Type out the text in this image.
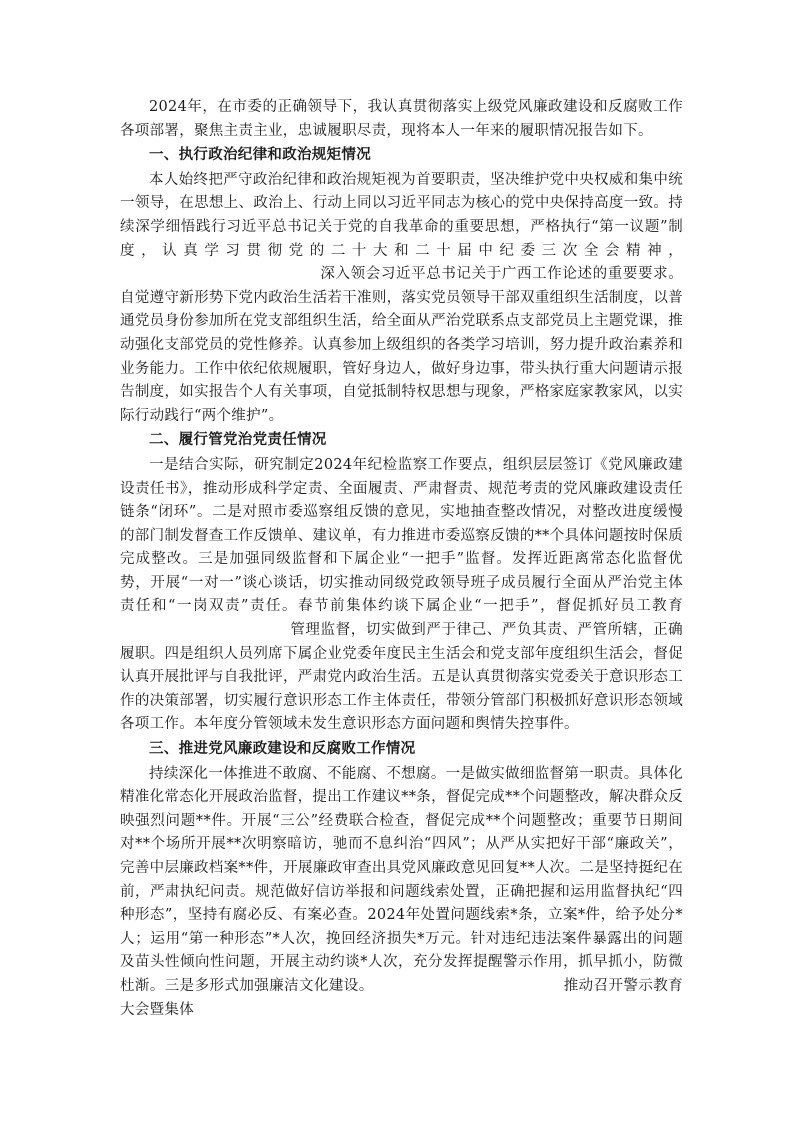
2024年，在市委的正确领导下，我认真贯彻落实上级党风廉政建设和反腐败工作各项部署，聚焦主责主业，忠诚履职尽责，现将本人一年来的履职情况报告如下。

一、执行政治纪律和政治规矩情况

本人始终把严守政治纪律和政治规矩视为首要职责，坚决维护党中央权威和集中统一领导，在思想上、政治上、行动上同以习近平同志为核心的党中央保持高度一致。持续深学细悟践行习近平总书记关于党的自我革命的重要思想，严格执行“第一议题”制度，认真学习贯彻党的二十大和二十届中纪委三次全会精神，深入领会习近平总书记关于广西工作论述的重要要求。自觉遵守新形势下党内政治生活若干准则，落实党员领导干部双重组织生活制度，以普通党员身份参加所在党支部组织生活，给全面从严治党联系点支部党员上主题党课，推动强化支部党员的党性修养。认真参加上级组织的各类学习培训，努力提升政治素养和业务能力。工作中依纪依规履职，管好身边人，做好身边事，带头执行重大问题请示报告制度，如实报告个人有关事项，自觉抵制特权思想与现象，严格家庭家教家风，以实际行动践行“两个维护”。

二、履行管党治党责任情况

一是结合实际，研究制定2024年纪检监察工作要点，组织层层签订《党风廉政建设责任书》，推动形成科学定责、全面履责、严肃督责、规范考责的党风廉政建设责任链条“闭环”。二是对照市委巡察组反馈的意见，实地抽查整改情况，对整改进度缓慢的部门制发督查工作反馈单、建议单，有力推进市委巡察反馈的**个具体问题按时保质完成整改。三是加强同级监督和下属企业“一把手”监督。发挥近距离常态化监督优势，开展“一对一”谈心谈话，切实推动同级党政领导班子成员履行全面从严治党主体责任和“一岗双责”责任。春节前集体约谈下属企业“一把手”，督促抓好员工教育管理监督，切实做到严于律己、严负其责、严管所辖，正确履职。四是组织人员列席下属企业党委年度民主生活会和党支部年度组织生活会，督促认真开展批评与自我批评，严肃党内政治生活。五是认真贯彻落实党委关于意识形态工作的决策部署，切实履行意识形态工作主体责任，带领分管部门积极抓好意识形态领域各项工作。本年度分管领域未发生意识形态方面问题和舆情失控事件。

三、推进党风廉政建设和反腐败工作情况

持续深化一体推进不敢腐、不能腐、不想腐。一是做实做细监督第一职责。具体化精准化常态化开展政治监督，提出工作建议**条，督促完成**个问题整改，解决群众反映强烈问题**件。开展“三公”经费联合检查，督促完成**个问题整改；重要节日期间对**个场所开展**次明察暗访，驰而不息纠治“四风”；从严从实把好干部“廉政关”，完善中层廉政档案**件，开展廉政审查出具党风廉政意见回复**人次。二是坚持挺纪在前，严肃执纪问责。规范做好信访举报和问题线索处置，正确把握和运用监督执纪“四种形态”，坚持有腐必反、有案必查。2024年处置问题线索*条，立案*件，给予处分*人；运用“第一种形态”*人次，挽回经济损失*万元。针对违纪违法案件暴露出的问题及苗头性倾向性问题，开展主动约谈*人次，充分发挥提醒警示作用，抓早抓小，防微杜渐。三是多形式加强廉洁文化建设。	推动召开警示教育大会暨集体
